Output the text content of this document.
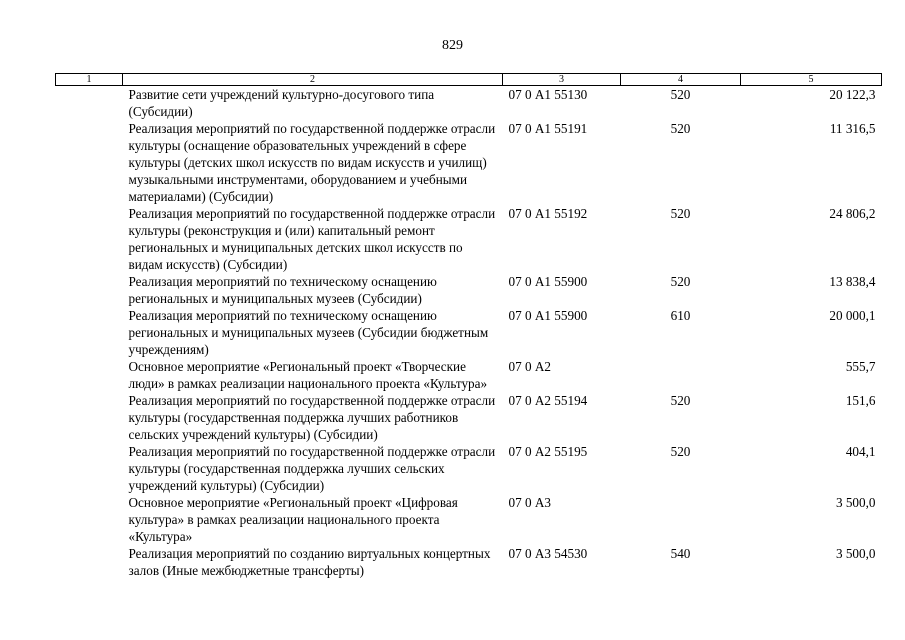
829
1	2	3	4	5
	Развитие сети учреждений культурно-досугового типа (Субсидии)	07 0 А1 55130	520	20 122,3
	Реализация мероприятий по государственной поддержке отрасли культуры (оснащение образовательных учреждений в сфере культуры (детских школ искусств по видам искусств и училищ) музыкальными инструментами, оборудованием и учебными материалами) (Субсидии)	07 0 А1 55191	520	11 316,5
	Реализация мероприятий по государственной поддержке отрасли культуры (реконструкция и (или) капитальный ремонт региональных и муниципальных детских школ искусств по видам искусств) (Субсидии)	07 0 А1 55192	520	24 806,2
	Реализация мероприятий по техническому оснащению региональных и муниципальных музеев (Субсидии)	07 0 А1 55900	520	13 838,4
	Реализация мероприятий по техническому оснащению региональных и муниципальных музеев (Субсидии бюджетным учреждениям)	07 0 А1 55900	610	20 000,1
	Основное мероприятие «Региональный проект «Творческие люди» в рамках реализации национального проекта «Культура»	07 0 А2		555,7
	Реализация мероприятий по государственной поддержке отрасли культуры (государственная поддержка лучших работников сельских учреждений культуры) (Субсидии)	07 0 А2 55194	520	151,6
	Реализация мероприятий по государственной поддержке отрасли культуры (государственная поддержка лучших сельских учреждений культуры) (Субсидии)	07 0 А2 55195	520	404,1
	Основное мероприятие «Региональный проект «Цифровая культура» в рамках реализации национального проекта «Культура»	07 0 А3		3 500,0
	Реализация мероприятий по созданию виртуальных концертных залов (Иные межбюджетные трансферты)	07 0 А3 54530	540	3 500,0
